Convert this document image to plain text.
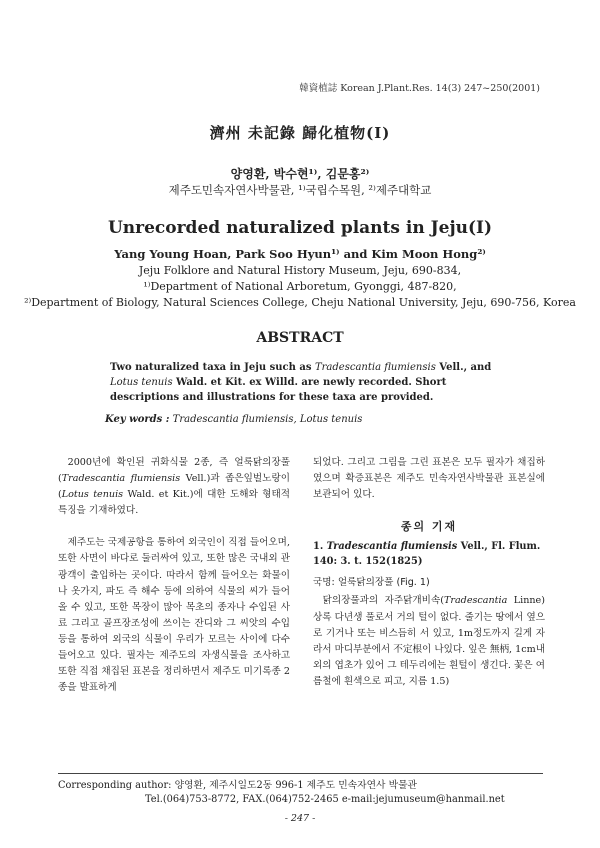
韓資植誌 Korean J.Plant.Res. 14(3) 247~250(2001)
濟州 未記錄 歸化植物(Ⅰ)
양영환, 박수현¹⁾, 김문홍²⁾
제주도민속자연사박물관, ¹⁾국립수목원, ²⁾제주대학교
Unrecorded naturalized plants in Jeju(Ⅰ)
Yang Young Hoan, Park Soo Hyun¹⁾ and Kim Moon Hong²⁾
Jeju Folklore and Natural History Museum, Jeju, 690-834,
¹⁾Department of National Arboretum, Gyonggi, 487-820,
²⁾Department of Biology, Natural Sciences College, Cheju National University, Jeju, 690-756, Korea
ABSTRACT
Two naturalized taxa in Jeju such as Tradescantia flumiensis Vell., and Lotus tenuis Wald. et Kit. ex Willd. are newly recorded. Short descriptions and illustrations for these taxa are provided.
Key words : Tradescantia flumiensis, Lotus tenuis

2000년에 확인된 귀화식물 2종, 즉 얼룩닭의장풀 (Tradescantia flumiensis Vell.)과 좁은잎벌노랑이 (Lotus tenuis Wald. et Kit.)에 대한 도해와 형태적 특징을 기재하였다.

제주도는 국제공항을 통하여 외국인이 직접 들어오며, 또한 사면이 바다로 둘러싸여 있고, 또한 많은 국내외 관광객이 출입하는 곳이다. 따라서 함께 들어오는 화물이나 옷가지, 파도 즉 해수 등에 의하여 식물의 씨가 들어올 수 있고, 또한 목장이 많아 목초의 종자나 수입된 사료 그리고 골프장조성에 쓰이는 잔디와 그 씨앗의 수입 등을 통하여 외국의 식물이 우리가 모르는 사이에 다수 들어오고 있다. 필자는 제주도의 자생식물을 조사하고 또한 직접 채집된 표본을 정리하면서 제주도 미기록종 2종을 발표하게

되었다. 그리고 그림을 그린 표본은 모두 필자가 채집하였으며 확증표본은 제주도 민속자연사박물관 표본실에 보관되어 있다.

종의 기재

1. Tradescantia flumiensis Vell., Fl. Flum. 140: 3. t. 152(1825)

국명: 얼룩닭의장풀 (Fig. 1)

닭의장풀과의 자주닭개비속(Tradescantia Linne) 상록 다년생 풀로서 거의 털이 없다. 줄기는 땅에서 옆으로 기거나 또는 비스듬히 서 있고, 1m정도까지 길게 자라서 마디부분에서 不定根이 나있다. 잎은 無柄, 1cm내외의 엽초가 있어 그 테두리에는 흰털이 생긴다. 꽃은 여름철에 흰색으로 피고, 지름 1.5)

Corresponding author: 양영환, 제주시일도2동 996-1 제주도 민속자연사 박물관
Tel.(064)753-8772, FAX.(064)752-2465 e-mail:jejumuseum@hanmail.net
- 247 -
